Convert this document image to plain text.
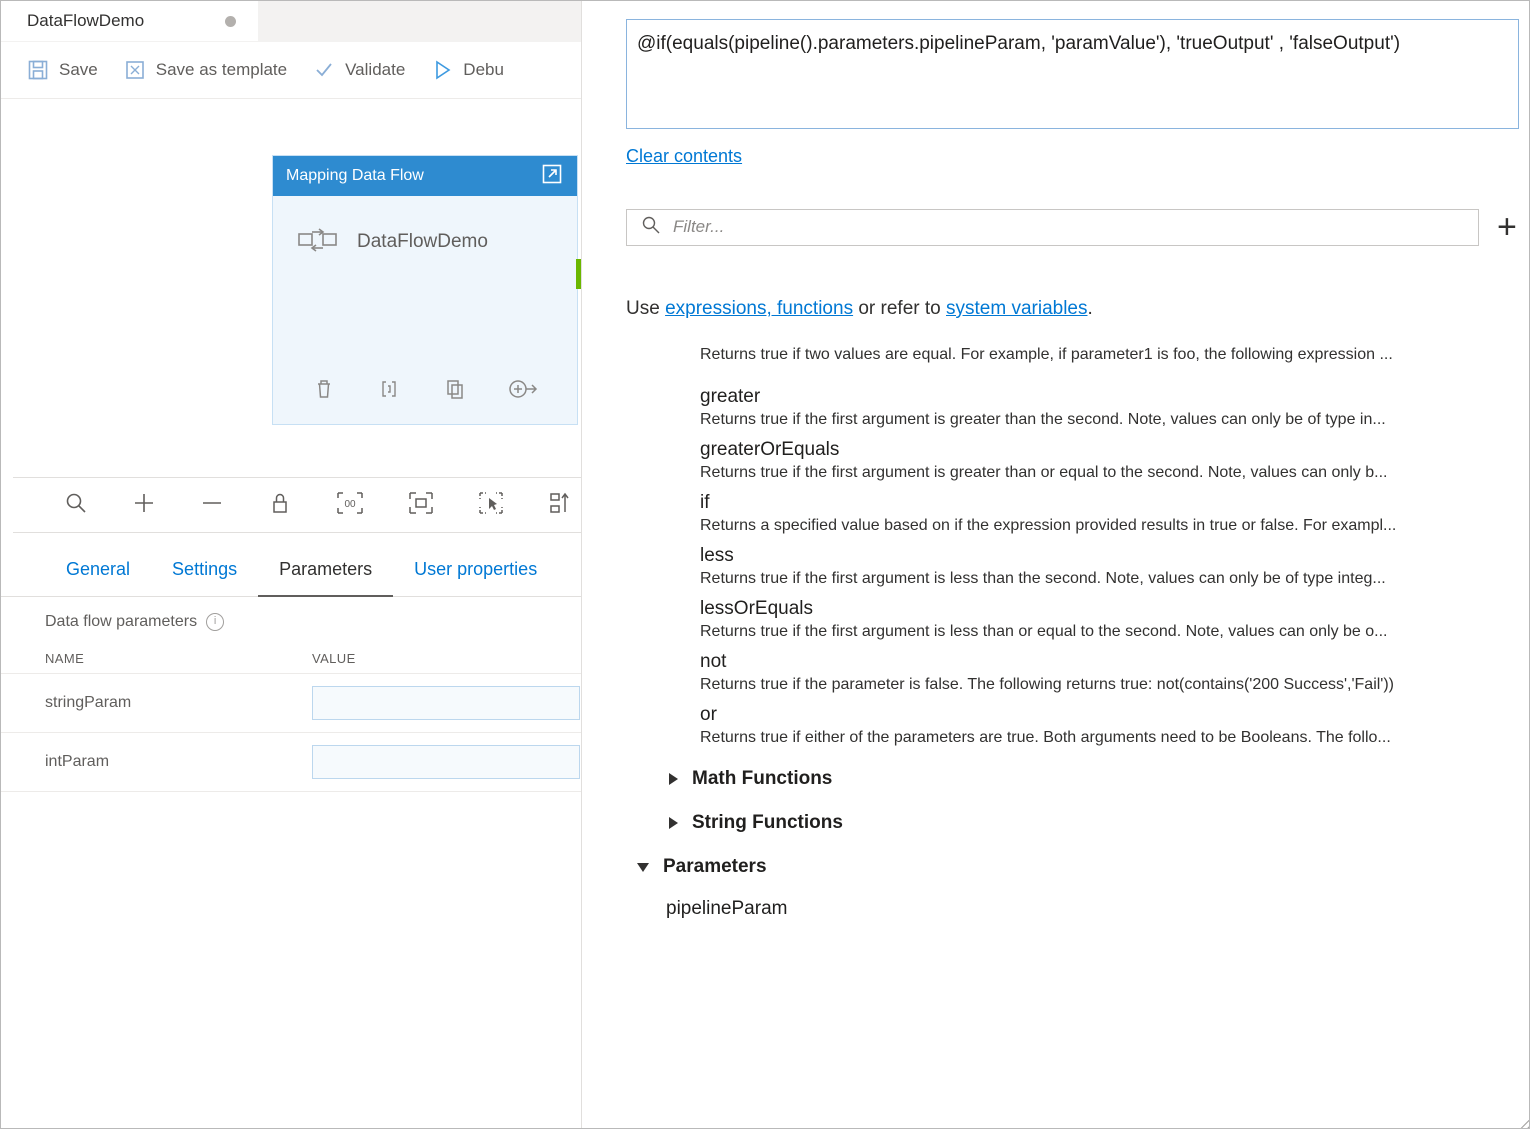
DataFlowDemo
Save	Save as template	Validate	Debu
Mapping Data Flow
DataFlowDemo
00
General	Settings	Parameters	User properties
Data flow parameters	i
NAME	VALUE
stringParam
intParam
@if(equals(pipeline().parameters.pipelineParam, 'paramValue'), 'trueOutput' , 'falseOutput')
Clear contents
Filter...	+
Use expressions, functions or refer to system variables.
Returns true if two values are equal. For example, if parameter1 is foo, the following expression ...
greater
Returns true if the first argument is greater than the second. Note, values can only be of type in...
greaterOrEquals
Returns true if the first argument is greater than or equal to the second. Note, values can only b...
if
Returns a specified value based on if the expression provided results in true or false. For exampl...
less
Returns true if the first argument is less than the second. Note, values can only be of type integ...
lessOrEquals
Returns true if the first argument is less than or equal to the second. Note, values can only be o...
not
Returns true if the parameter is false. The following returns true: not(contains('200 Success','Fail'))
or
Returns true if either of the parameters are true. Both arguments need to be Booleans. The follo...
Math Functions
String Functions
Parameters
pipelineParam
